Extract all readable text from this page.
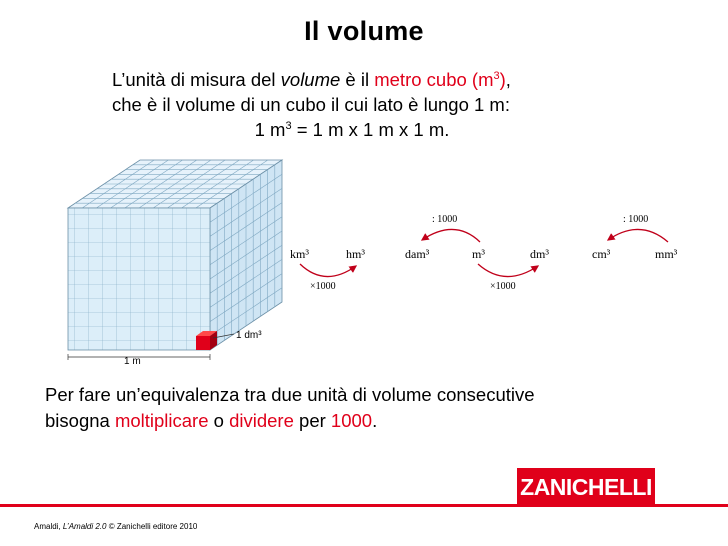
Il volume
L’unità di misura del volume è il metro cubo $(m^3)$,
che è il volume di un cubo il cui lato è lungo 1 m:
1 $m^3 = 1$ m x 1 m x 1 m.
1 dm³
1 m
km³	hm³	dam³	m³	dm³	cm³	mm³
: 1000	: 1000
×1000	×1000
Per fare un’equivalenza tra due unità di volume consecutive
bisogna moltiplicare o dividere per 1000.
ZANICHELLI
Amaldi, L’Amaldi 2.0 © Zanichelli editore 2010
